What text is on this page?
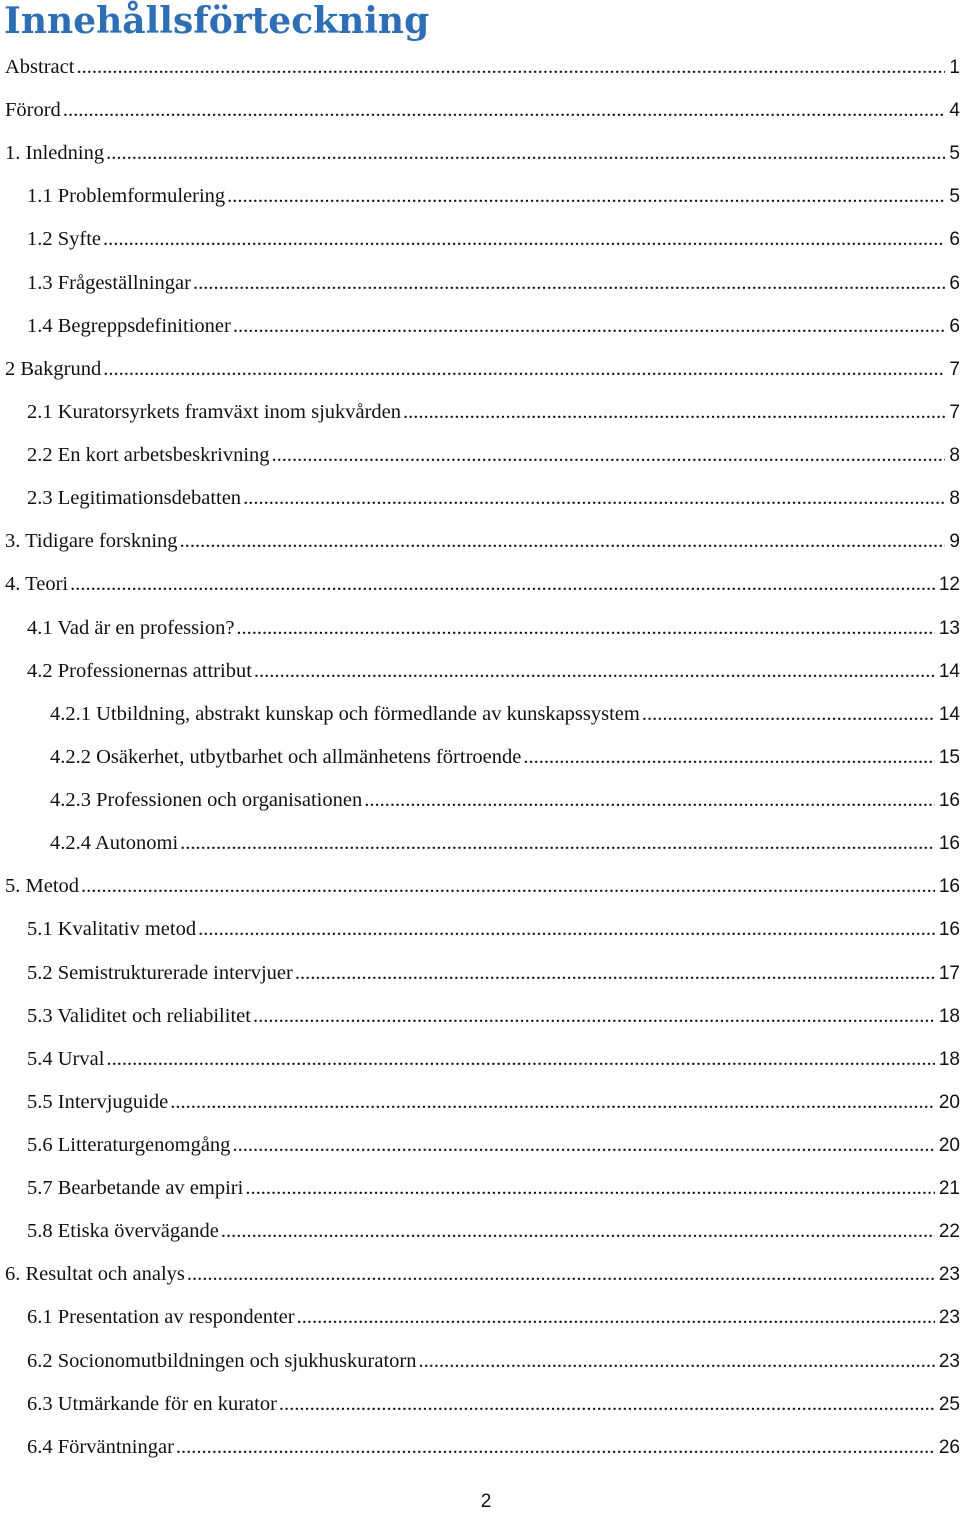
Innehållsförteckning
Abstract .....	1
Förord .....	4
1. Inledning .....	5
1.1 Problemformulering .....	5
1.2 Syfte .....	6
1.3 Frågeställningar .....	6
1.4 Begreppsdefinitioner .....	6
2 Bakgrund .....	7
2.1 Kuratorsyrkets framväxt inom sjukvården .....	7
2.2 En kort arbetsbeskrivning .....	8
2.3 Legitimationsdebatten .....	8
3. Tidigare forskning .....	9
4. Teori .....	12
4.1 Vad är en profession? .....	13
4.2 Professionernas attribut .....	14
4.2.1 Utbildning, abstrakt kunskap och förmedlande av kunskapssystem .....	14
4.2.2 Osäkerhet, utbytbarhet och allmänhetens förtroende .....	15
4.2.3 Professionen och organisationen .....	16
4.2.4 Autonomi .....	16
5. Metod .....	16
5.1 Kvalitativ metod .....	16
5.2 Semistrukturerade intervjuer .....	17
5.3 Validitet och reliabilitet .....	18
5.4 Urval .....	18
5.5 Intervjuguide .....	20
5.6 Litteraturgenomgång .....	20
5.7 Bearbetande av empiri .....	21
5.8 Etiska övervägande .....	22
6. Resultat och analys .....	23
6.1 Presentation av respondenter .....	23
6.2 Socionomutbildningen och sjukhuskuratorn .....	23
6.3 Utmärkande för en kurator .....	25
6.4 Förväntningar .....	26
2
